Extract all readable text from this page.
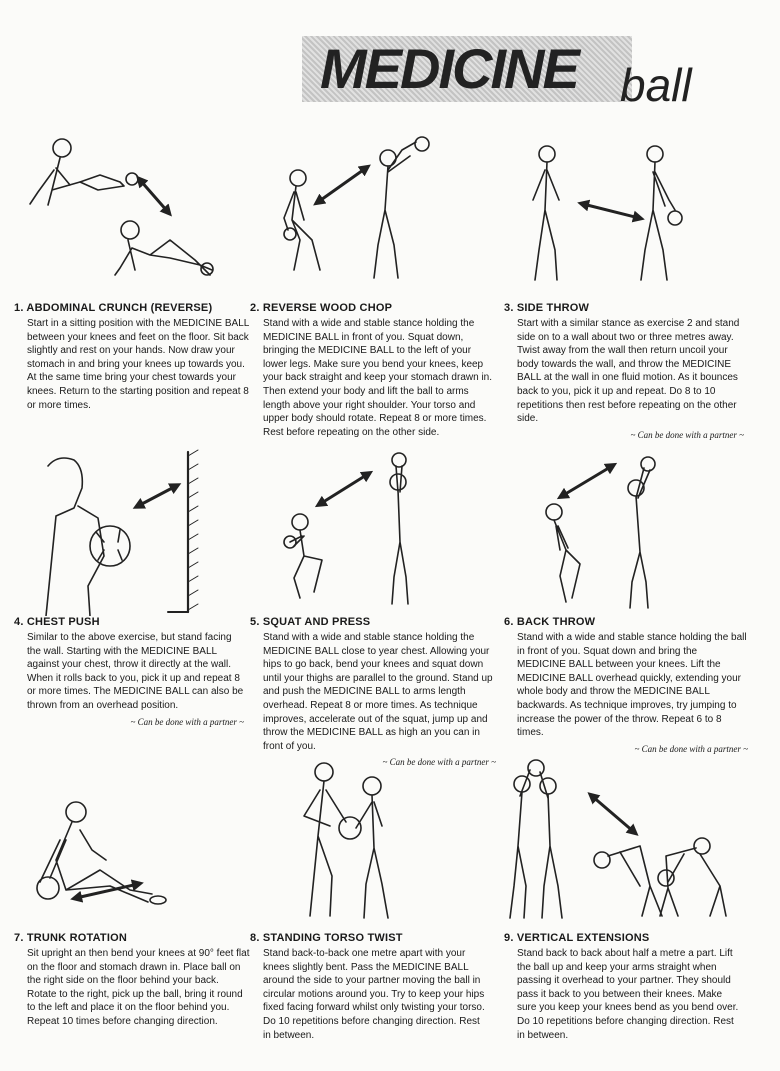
MEDICINE ball
1. ABDOMINAL CRUNCH (REVERSE)
Start in a sitting position with the MEDICINE BALL between your knees and feet on the floor. Sit back slightly and rest on your hands. Now draw your stomach in and bring your knees up towards you. At the same time bring your chest towards your knees. Return to the starting position and repeat 8 or more times.
2. REVERSE WOOD CHOP
Stand with a wide and stable stance holding the MEDICINE BALL in front of you. Squat down, bringing the MEDICINE BALL to the left of your lower legs. Make sure you bend your knees, keep your back straight and keep your stomach drawn in. Then extend your body and lift the ball to arms length above your right shoulder. Your torso and upper body should rotate. Repeat 8 or more times. Rest before repeating on the other side.
3. SIDE THROW
Start with a similar stance as exercise 2 and stand side on to a wall about two or three metres away. Twist away from the wall then return uncoil your body towards the wall, and throw the MEDICINE BALL at the wall in one fluid motion. As it bounces back to you, pick it up and repeat. Do 8 to 10 repetitions then rest before repeating on the other side.
~ Can be done with a partner ~
4. CHEST PUSH
Similar to the above exercise, but stand facing the wall. Starting with the MEDICINE BALL against your chest, throw it directly at the wall. When it rolls back to you, pick it up and repeat 8 or more times. The MEDICINE BALL can also be thrown from an overhead position.
~ Can be done with a partner ~
5. SQUAT AND PRESS
Stand with a wide and stable stance holding the MEDICINE BALL close to year chest. Allowing your hips to go back, bend your knees and squat down until your thighs are parallel to the ground. Stand up and push the MEDICINE BALL to arms length overhead. Repeat 8 or more times. As technique improves, accelerate out of the squat, jump up and throw the MEDICINE BALL as high an you can in front of you.
~ Can be done with a partner ~
6. BACK THROW
Stand with a wide and stable stance holding the ball in front of you. Squat down and bring the MEDICINE BALL between your knees. Lift the MEDICINE BALL overhead quickly, extending your whole body and throw the MEDICINE BALL backwards. As technique improves, try jumping to increase the power of the throw. Repeat 6 to 8 times.
~ Can be done with a partner ~
7. TRUNK ROTATION
Sit upright an then bend your knees at 90° feet flat on the floor and stomach drawn in. Place ball on the right side on the floor behind your back. Rotate to the right, pick up the ball, bring it round to the left and place it on the floor behind you. Repeat 10 times before changing direction.
8. STANDING TORSO TWIST
Stand back-to-back one metre apart with your knees slightly bent. Pass the MEDICINE BALL around the side to your partner moving the ball in circular motions around you. Try to keep your hips fixed facing forward whilst only twisting your torso. Do 10 repetitions before changing direction. Rest in between.
9. VERTICAL EXTENSIONS
Stand back to back about half a metre a part. Lift the ball up and keep your arms straight when passing it overhead to your partner. They should pass it back to you between their knees. Make sure you keep your knees bend as you bend over. Do 10 repetitions before changing direction. Rest in between.
